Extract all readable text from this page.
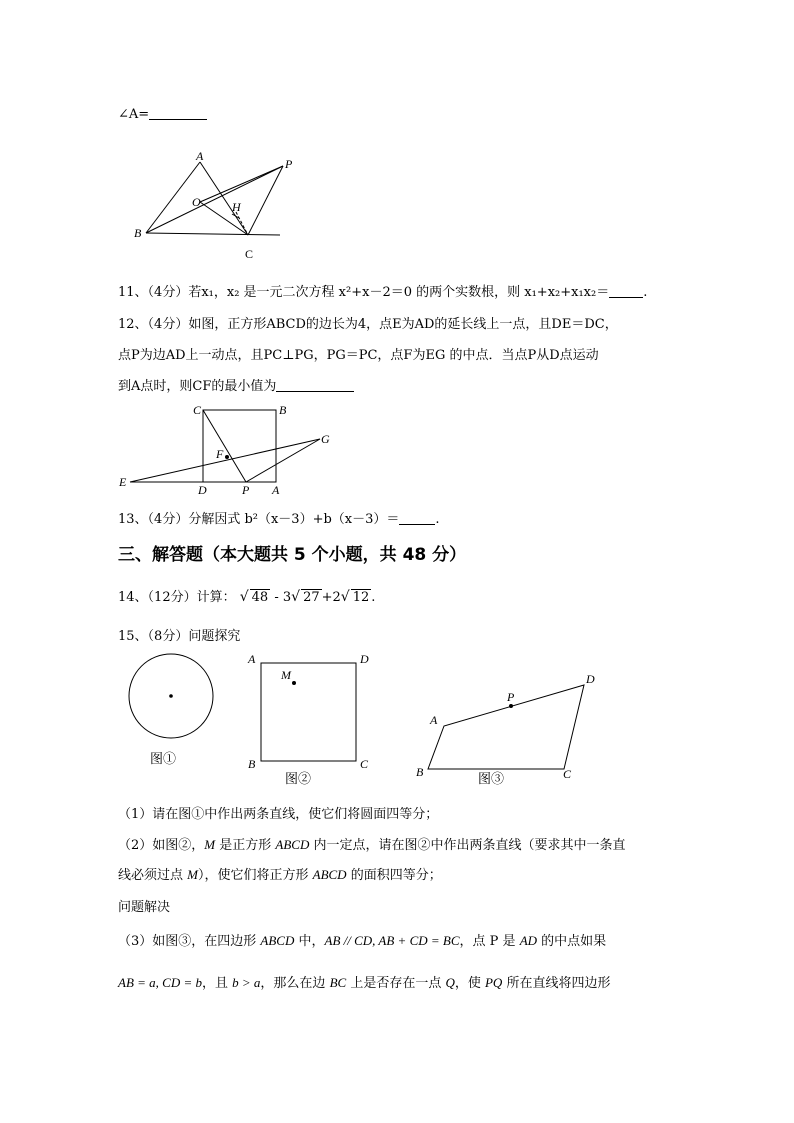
∠A=
A
B
O	H
P
C
11、（4分）若x₁，x₂ 是一元二次方程 x²+x－2＝0 的两个实数根，则 x₁+x₂+x₁x₂＝	.
12、（4分）如图，正方形ABCD的边长为4，点E为AD的延长线上一点，且DE＝DC，
点P为边AD上一动点，且PC⊥PG，PG＝PC，点F为EG 的中点．当点P从D点运动
到A点时，则CF的最小值为
C	B
G
F
E
D	P A
13、（4分）分解因式 b²（x－3）+b（x－3）＝	.
三、解答题（本大题共 5 个小题，共 48 分）
14、（12分）计算： √ 48 - 3√ 27 +2√ 12 .
15、（8分）问题探究
图①
A	D
M
B	C
图②
A
D
P
B	C
图③
（1）请在图①中作出两条直线，使它们将圆面四等分；
（2）如图②，M 是正方形 ABCD 内一定点，请在图②中作出两条直线（要求其中一条直
线必须过点 M），使它们将正方形 ABCD 的面积四等分；
问题解决
（3）如图③，在四边形 ABCD 中，AB // CD, AB + CD = BC，点 P 是 AD 的中点如果
AB = a, CD = b，且 b > a，那么在边 BC 上是否存在一点 Q，使 PQ 所在直线将四边形
